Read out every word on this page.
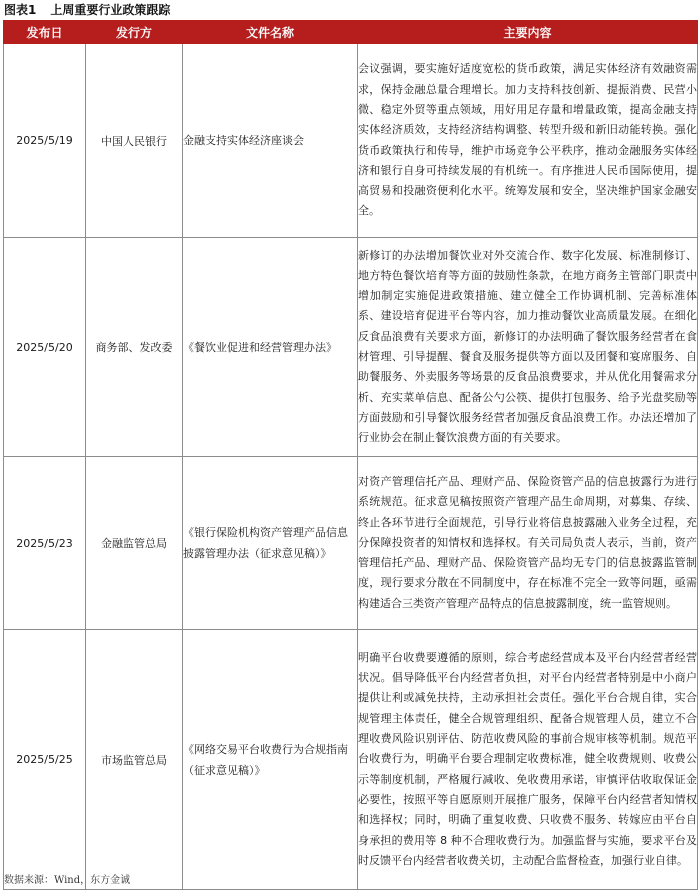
图表1 上周重要行业政策跟踪
发布日	发行方	文件名称	主要内容
2025/5/19	中国人民银行	金融支持实体经济座谈会	会议强调，要实施好适度宽松的货币政策，满足实体经济有效融资需求，保持金融总量合理增长。加力支持科技创新、提振消费、民营小微、稳定外贸等重点领域，用好用足存量和增量政策，提高金融支持实体经济质效，支持经济结构调整、转型升级和新旧动能转换。强化货币政策执行和传导，维护市场竞争公平秩序，推动金融服务实体经济和银行自身可持续发展的有机统一。有序推进人民币国际使用，提高贸易和投融资便利化水平。统筹发展和安全，坚决维护国家金融安全。
2025/5/20	商务部、发改委	《餐饮业促进和经营管理办法》	新修订的办法增加餐饮业对外交流合作、数字化发展、标准制修订、地方特色餐饮培育等方面的鼓励性条款，在地方商务主管部门职责中增加制定实施促进政策措施、建立健全工作协调机制、完善标准体系、建设培育促进平台等内容，加力推动餐饮业高质量发展。在细化反食品浪费有关要求方面，新修订的办法明确了餐饮服务经营者在食材管理、引导提醒、餐食及服务提供等方面以及团餐和宴席服务、自助餐服务、外卖服务等场景的反食品浪费要求，并从优化用餐需求分析、充实菜单信息、配备公勺公筷、提供打包服务、给予光盘奖励等方面鼓励和引导餐饮服务经营者加强反食品浪费工作。办法还增加了行业协会在制止餐饮浪费方面的有关要求。
2025/5/23	金融监管总局	《银行保险机构资产管理产品信息披露管理办法（征求意见稿）》	对资产管理信托产品、理财产品、保险资管产品的信息披露行为进行系统规范。征求意见稿按照资产管理产品生命周期，对募集、存续、终止各环节进行全面规范，引导行业将信息披露融入业务全过程，充分保障投资者的知情权和选择权。有关司局负责人表示，当前，资产管理信托产品、理财产品、保险资管产品均无专门的信息披露监管制度，现行要求分散在不同制度中，存在标准不完全一致等问题，亟需构建适合三类资产管理产品特点的信息披露制度，统一监管规则。
2025/5/25	市场监管总局	《网络交易平台收费行为合规指南（征求意见稿）》	明确平台收费要遵循的原则，综合考虑经营成本及平台内经营者经营状况。倡导降低平台内经营者负担，对平台内经营者特别是中小商户提供让利或减免扶持，主动承担社会责任。强化平台合规自律，实合规管理主体责任，健全合规管理组织、配备合规管理人员，建立不合理收费风险识别评估、防范收费风险的事前合规审核等机制。规范平台收费行为，明确平台要合理制定收费标准，健全收费规则、收费公示等制度机制，严格履行减收、免收费用承诺，审慎评估收取保证金必要性，按照平等自愿原则开展推广服务，保障平台内经营者知情权和选择权；同时，明确了重复收费、只收费不服务、转嫁应由平台自身承担的费用等 8 种不合理收费行为。加强监督与实施，要求平台及时反馈平台内经营者收费关切，主动配合监督检查，加强行业自律。
数据来源：Wind，东方金诚
